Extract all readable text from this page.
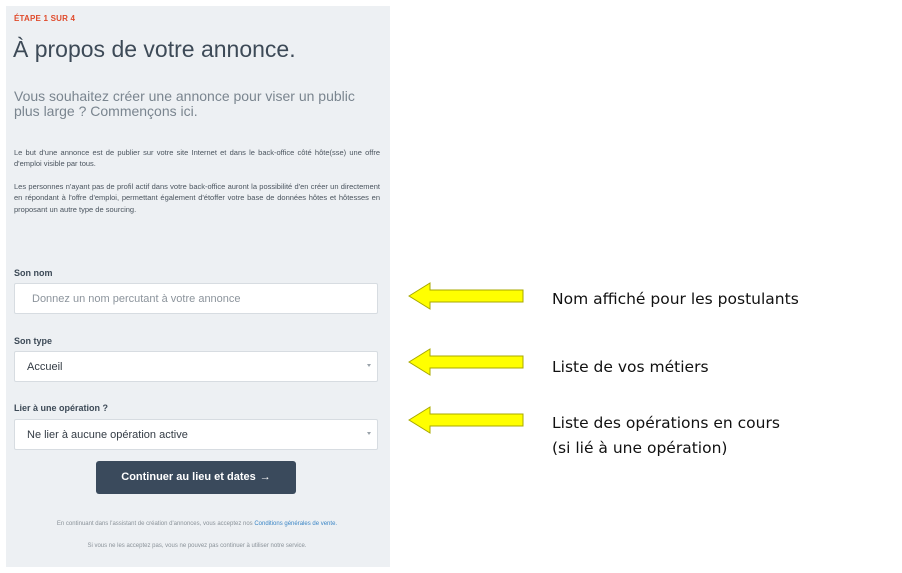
ÉTAPE 1 SUR 4
À propos de votre annonce.

Vous souhaitez créer une annonce pour viser un public plus large ? Commençons ici.

Le but d'une annonce est de publier sur votre site Internet et dans le back-office côté hôte(sse) une offre d'emploi visible par tous.

Les personnes n'ayant pas de profil actif dans votre back-office auront la possibilité d'en créer un directement en répondant à l'offre d'emploi, permettant également d'étoffer votre base de données hôtes et hôtesses en proposant un autre type de sourcing.

Son nom
Donnez un nom percutant à votre annonce
Son type
Accueil
Lier à une opération ?
Ne lier à aucune opération active
Continuer au lieu et dates →

En continuant dans l'assistant de création d'annonces, vous acceptez nos Conditions générales de vente.

Si vous ne les acceptez pas, vous ne pouvez pas continuer à utiliser notre service.

Nom affiché pour les postulants

Liste de vos métiers

Liste des opérations en cours
(si lié à une opération)
